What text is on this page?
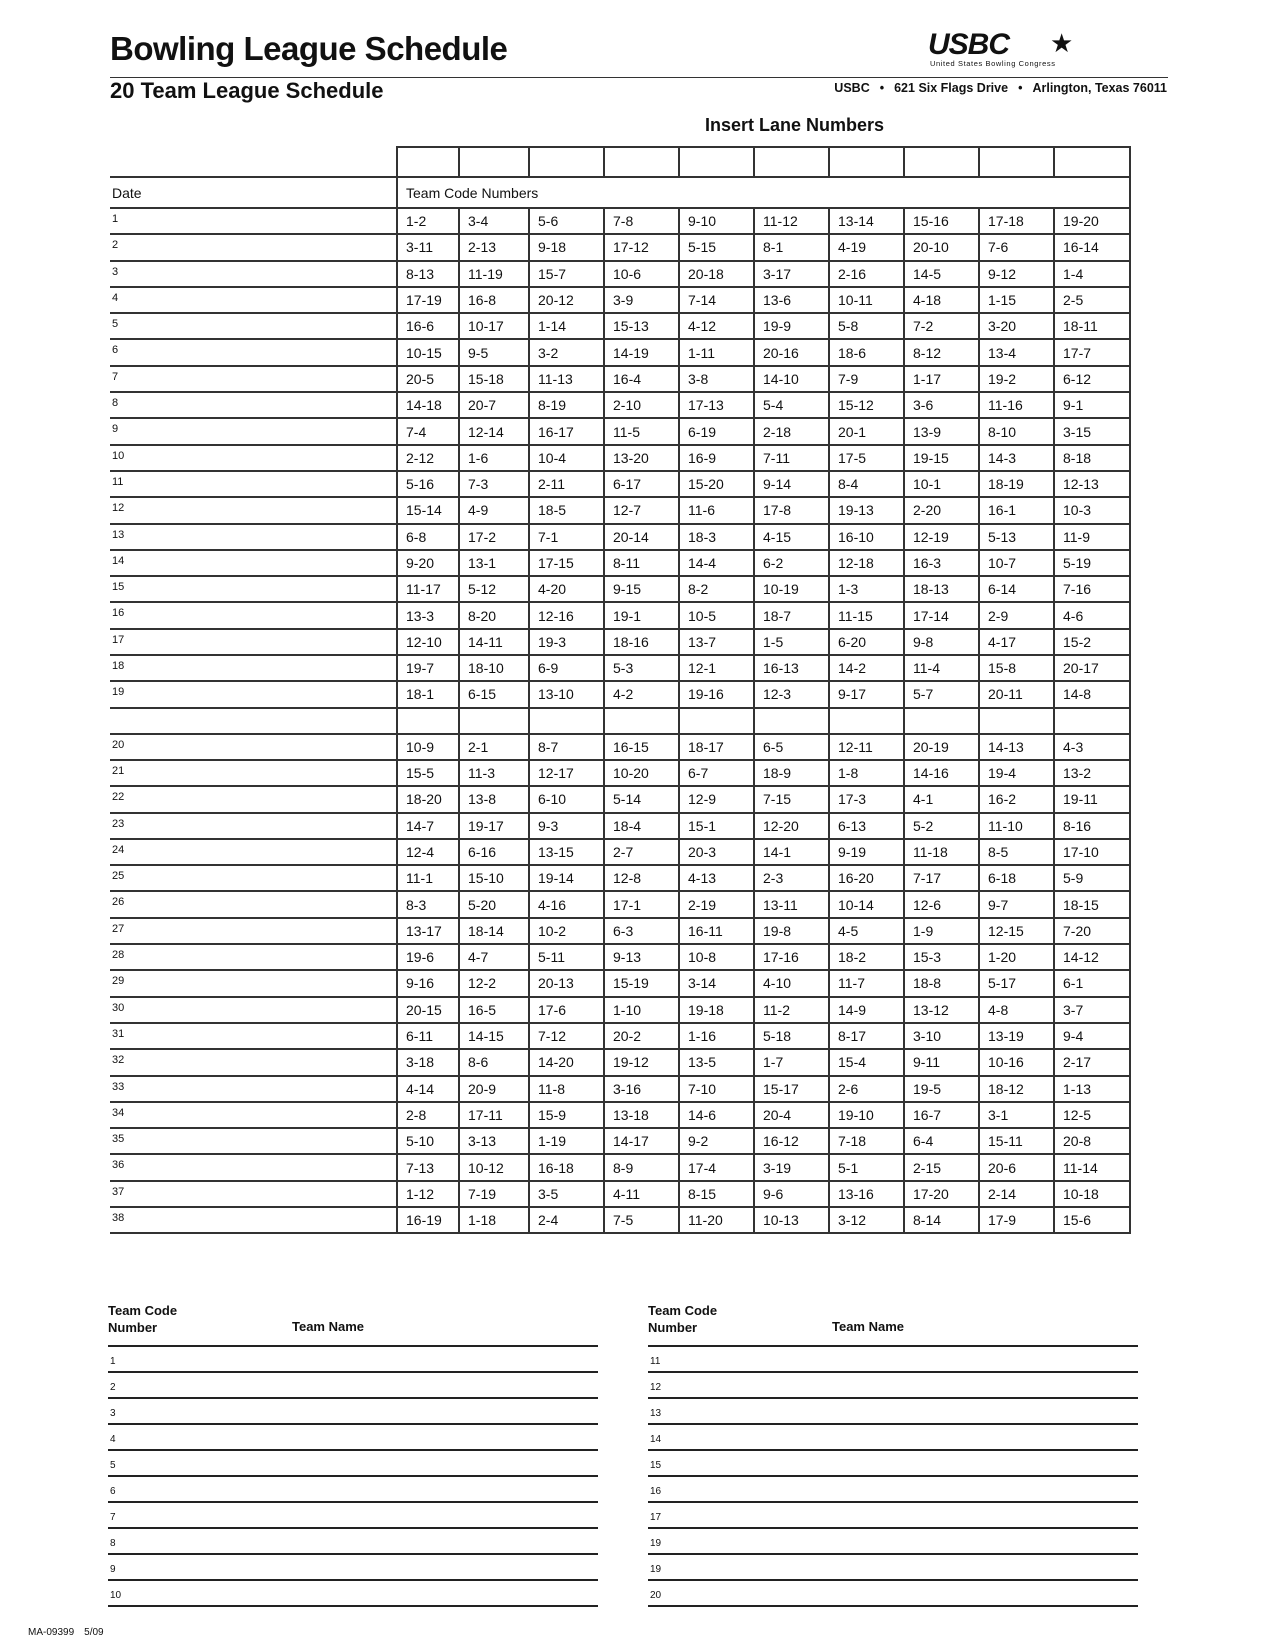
Bowling League Schedule
20 Team League Schedule
USBC ★
United States Bowling Congress
USBC • 621 Six Flags Drive • Arlington, Texas 76011
Insert Lane Numbers

Date	Team Code Numbers									
1	1-2	3-4	5-6	7-8	9-10	11-12	13-14	15-16	17-18	19-20
2	3-11	2-13	9-18	17-12	5-15	8-1	4-19	20-10	7-6	16-14
3	8-13	11-19	15-7	10-6	20-18	3-17	2-16	14-5	9-12	1-4
4	17-19	16-8	20-12	3-9	7-14	13-6	10-11	4-18	1-15	2-5
5	16-6	10-17	1-14	15-13	4-12	19-9	5-8	7-2	3-20	18-11
6	10-15	9-5	3-2	14-19	1-11	20-16	18-6	8-12	13-4	17-7
7	20-5	15-18	11-13	16-4	3-8	14-10	7-9	1-17	19-2	6-12
8	14-18	20-7	8-19	2-10	17-13	5-4	15-12	3-6	11-16	9-1
9	7-4	12-14	16-17	11-5	6-19	2-18	20-1	13-9	8-10	3-15
10	2-12	1-6	10-4	13-20	16-9	7-11	17-5	19-15	14-3	8-18
11	5-16	7-3	2-11	6-17	15-20	9-14	8-4	10-1	18-19	12-13
12	15-14	4-9	18-5	12-7	11-6	17-8	19-13	2-20	16-1	10-3
13	6-8	17-2	7-1	20-14	18-3	4-15	16-10	12-19	5-13	11-9
14	9-20	13-1	17-15	8-11	14-4	6-2	12-18	16-3	10-7	5-19
15	11-17	5-12	4-20	9-15	8-2	10-19	1-3	18-13	6-14	7-16
16	13-3	8-20	12-16	19-1	10-5	18-7	11-15	17-14	2-9	4-6
17	12-10	14-11	19-3	18-16	13-7	1-5	6-20	9-8	4-17	15-2
18	19-7	18-10	6-9	5-3	12-1	16-13	14-2	11-4	15-8	20-17
19	18-1	6-15	13-10	4-2	19-16	12-3	9-17	5-7	20-11	14-8

20	10-9	2-1	8-7	16-15	18-17	6-5	12-11	20-19	14-13	4-3
21	15-5	11-3	12-17	10-20	6-7	18-9	1-8	14-16	19-4	13-2
22	18-20	13-8	6-10	5-14	12-9	7-15	17-3	4-1	16-2	19-11
23	14-7	19-17	9-3	18-4	15-1	12-20	6-13	5-2	11-10	8-16
24	12-4	6-16	13-15	2-7	20-3	14-1	9-19	11-18	8-5	17-10
25	11-1	15-10	19-14	12-8	4-13	2-3	16-20	7-17	6-18	5-9
26	8-3	5-20	4-16	17-1	2-19	13-11	10-14	12-6	9-7	18-15
27	13-17	18-14	10-2	6-3	16-11	19-8	4-5	1-9	12-15	7-20
28	19-6	4-7	5-11	9-13	10-8	17-16	18-2	15-3	1-20	14-12
29	9-16	12-2	20-13	15-19	3-14	4-10	11-7	18-8	5-17	6-1
30	20-15	16-5	17-6	1-10	19-18	11-2	14-9	13-12	4-8	3-7
31	6-11	14-15	7-12	20-2	1-16	5-18	8-17	3-10	13-19	9-4
32	3-18	8-6	14-20	19-12	13-5	1-7	15-4	9-11	10-16	2-17
33	4-14	20-9	11-8	3-16	7-10	15-17	2-6	19-5	18-12	1-13
34	2-8	17-11	15-9	13-18	14-6	20-4	19-10	16-7	3-1	12-5
35	5-10	3-13	1-19	14-17	9-2	16-12	7-18	6-4	15-11	20-8
36	7-13	10-12	16-18	8-9	17-4	3-19	5-1	2-15	20-6	11-14
37	1-12	7-19	3-5	4-11	8-15	9-6	13-16	17-20	2-14	10-18
38	16-19	1-18	2-4	7-5	11-20	10-13	3-12	8-14	17-9	15-6
Team Code
Number	Team Name
1
2
3
4
5
6
7
8
9
10
Team Code
Number	Team Name
11
12
13
14
15
16
17
19
19
20
MA-09399 5/09
